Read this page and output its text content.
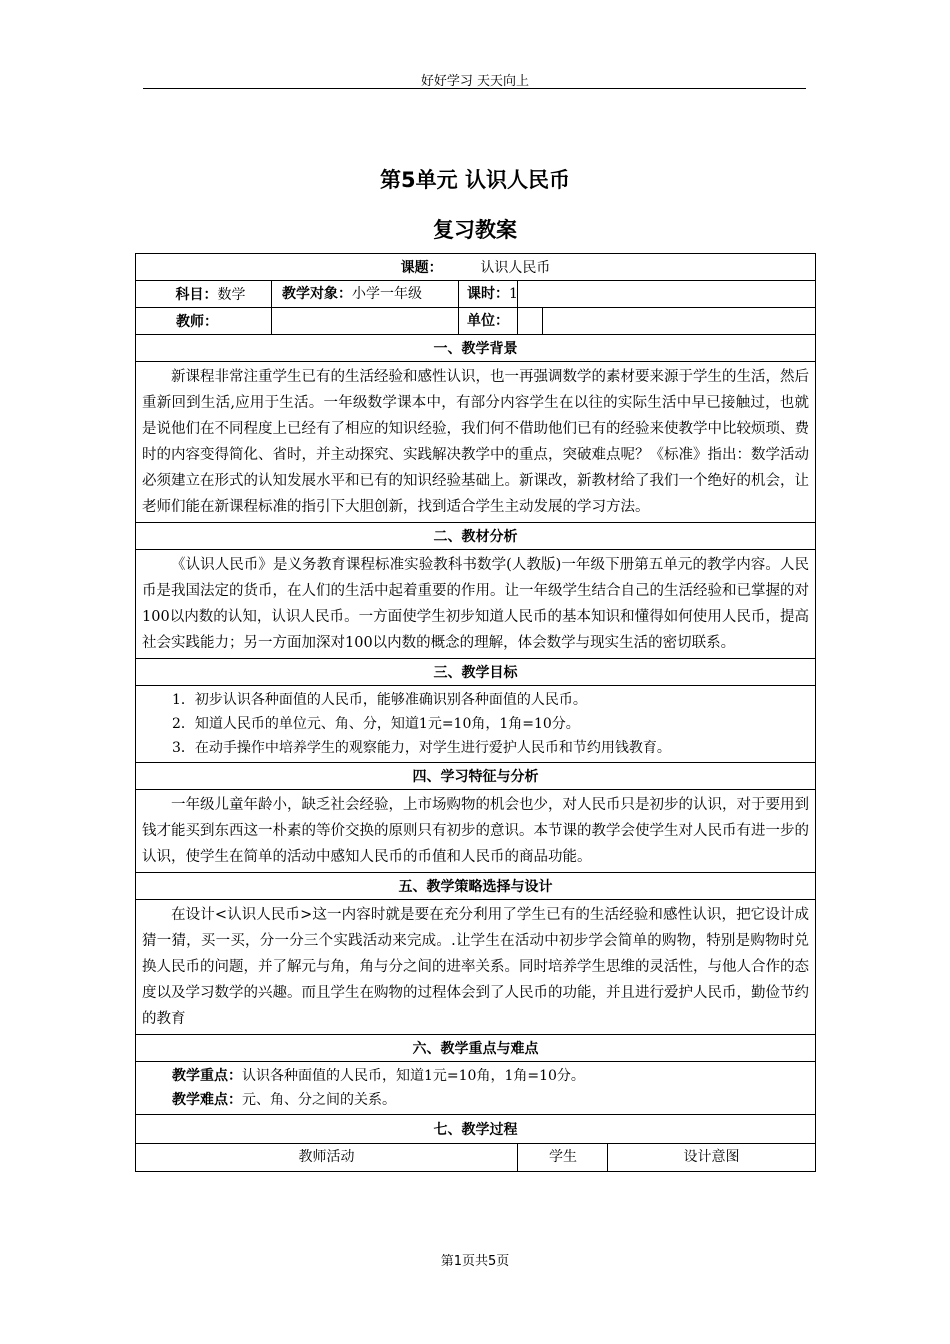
好好学习 天天向上
第5单元 认识人民币
复习教案
课题： 认识人民币		
科目：数学	教学对象：小学一年级 课时：1	

教师：	单位：	

一、教学背景		
新课程非常注重学生已有的生活经验和感性认识，也一再强调数学的素材要来源于学生的生活，然后重新回到生活,应用于生活。一年级数学课本中，有部分内容学生在以往的实际生活中早已接触过，也就是说他们在不同程度上已经有了相应的知识经验，我们何不借助他们已有的经验来使教学中比较烦琐、费时的内容变得简化、省时，并主动探究、实践解决教学中的重点，突破难点呢？《标准》指出：数学活动必须建立在形式的认知发展水平和已有的知识经验基础上。新课改，新教材给了我们一个绝好的机会，让老师们能在新课程标准的指引下大胆创新，找到适合学生主动发展的学习方法。		
二、教材分析		
《认识人民币》是义务教育课程标准实验教科书数学(人教版)一年级下册第五单元的教学内容。人民币是我国法定的货币，在人们的生活中起着重要的作用。让一年级学生结合自己的生活经验和已掌握的对100以内数的认知，认识人民币。一方面使学生初步知道人民币的基本知识和懂得如何使用人民币，提高社会实践能力；另一方面加深对100以内数的概念的理解，体会数学与现实生活的密切联系。		
三、教学目标		

1．初步认识各种面值的人民币，能够准确识别各种面值的人民币。
2．知道人民币的单位元、角、分，知道1元=10角，1角=10分。
3．在动手操作中培养学生的观察能力，对学生进行爱护人民币和节约用钱教育。		

四、学习特征与分析		
一年级儿童年龄小，缺乏社会经验，上市场购物的机会也少，对人民币只是初步的认识，对于要用到钱才能买到东西这一朴素的等价交换的原则只有初步的意识。本节课的教学会使学生对人民币有进一步的认识，使学生在简单的活动中感知人民币的币值和人民币的商品功能。		
五、教学策略选择与设计		
在设计<认识人民币>这一内容时就是要在充分利用了学生已有的生活经验和感性认识，把它设计成猜一猜，买一买，分一分三个实践活动来完成。.让学生在活动中初步学会简单的购物，特别是购物时兑换人民币的问题，并了解元与角，角与分之间的进率关系。同时培养学生思维的灵活性，与他人合作的态度以及学习数学的兴趣。而且学生在购物的过程体会到了人民币的功能，并且进行爱护人民币，勤俭节约的教育		
六、教学重点与难点		

教学重点：认识各种面值的人民币，知道1元=10角，1角=10分。
教学难点：元、角、分之间的关系。		

七、教学过程		

教师活动 学生 设计意图		
第1页共5页
